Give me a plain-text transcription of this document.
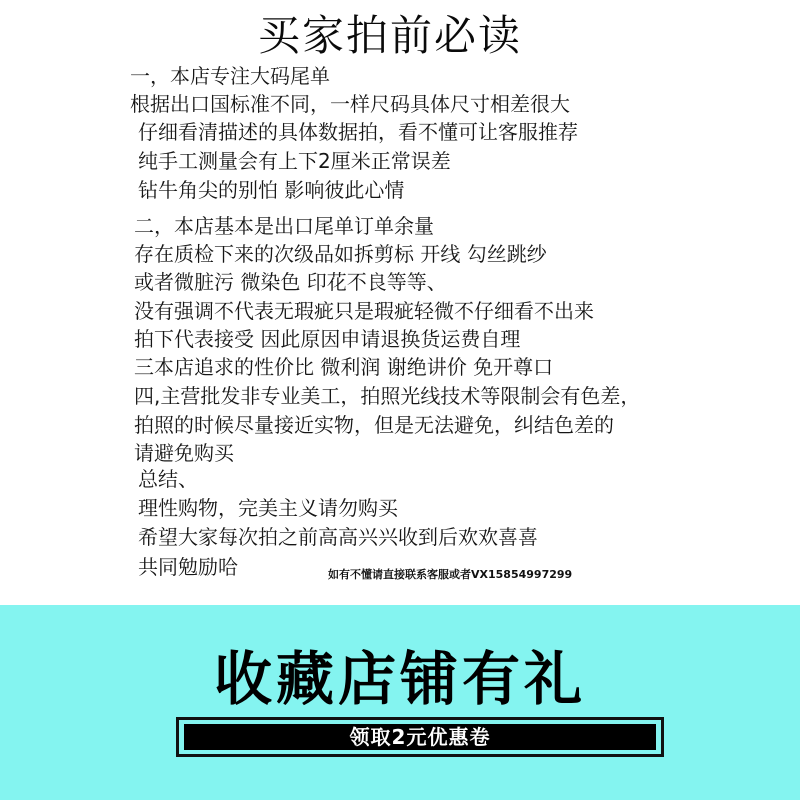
买家拍前必读
一，本店专注大码尾单
根据出口国标准不同，一样尺码具体尺寸相差很大
仔细看清描述的具体数据拍，看不懂可让客服推荐
纯手工测量会有上下2厘米正常误差
钻牛角尖的别怕 影响彼此心情
二，本店基本是出口尾单订单余量
存在质检下来的次级品如拆剪标 开线 勾丝跳纱
或者微脏污 微染色 印花不良等等、
没有强调不代表无瑕疵只是瑕疵轻微不仔细看不出来
拍下代表接受 因此原因申请退换货运费自理
三本店追求的性价比 微利润 谢绝讲价 免开尊口
四,主营批发非专业美工，拍照光线技术等限制会有色差，
拍照的时候尽量接近实物，但是无法避免，纠结色差的
请避免购买
总结、
理性购物，完美主义请勿购买
希望大家每次拍之前高高兴兴收到后欢欢喜喜
共同勉励哈	如有不懂请直接联系客服或者VX15854997299
收藏店铺有礼
领取2元优惠卷
